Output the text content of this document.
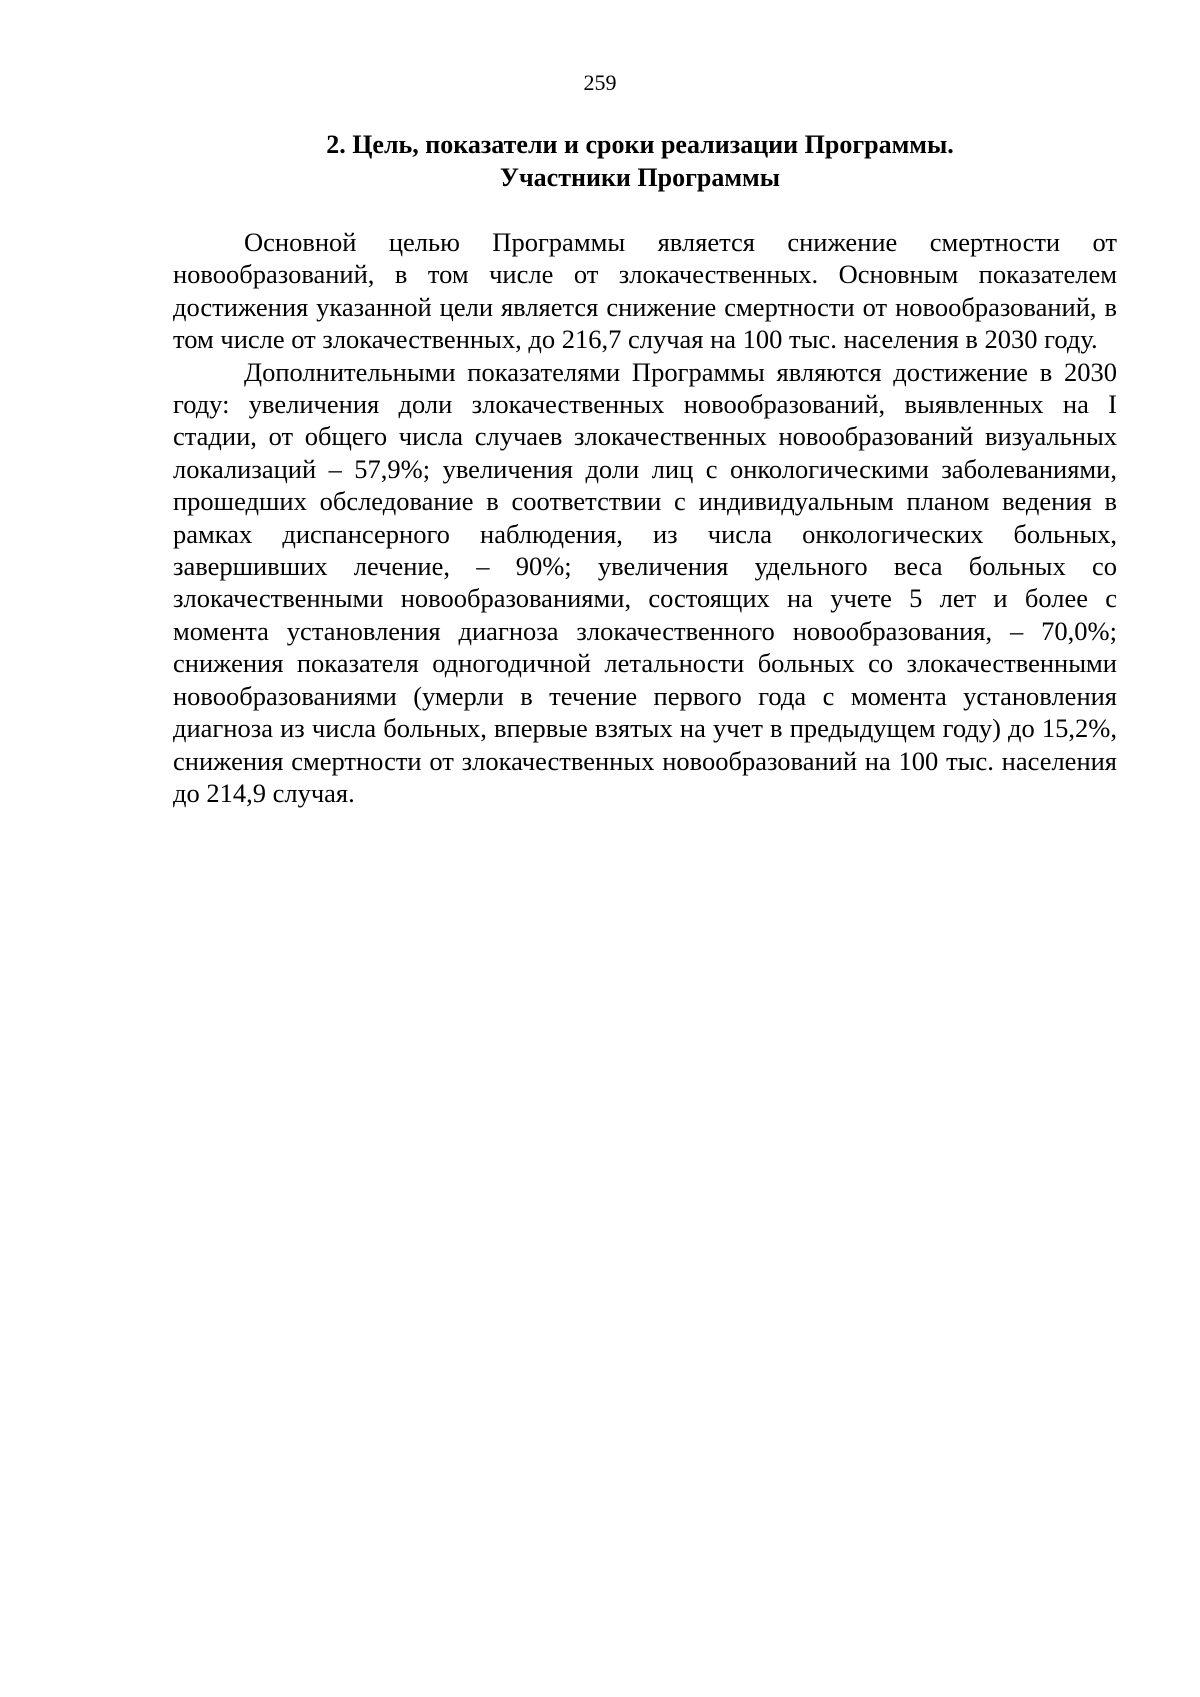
259
2. Цель, показатели и сроки реализации Программы.
Участники Программы

Основной целью Программы является снижение смертности от новообразований, в том числе от злокачественных. Основным показателем достижения указанной цели является снижение смертности от новообразований, в том числе от злокачественных, до 216,7 случая на 100 тыс. населения в 2030 году.

Дополнительными показателями Программы являются достижение в 2030 году: увеличения доли злокачественных новообразований, выявленных на I стадии, от общего числа случаев злокачественных новообразований визуальных локализаций – 57,9%; увеличения доли лиц с онкологическими заболеваниями, прошедших обследование в соответствии с индивидуальным планом ведения в рамках диспансерного наблюдения, из числа онкологических больных, завершивших лечение, – 90%; увеличения удельного веса больных со злокачественными новообразованиями, состоящих на учете 5 лет и более с момента установления диагноза злокачественного новообразования, – 70,0%; снижения показателя одногодичной летальности больных со злокачественными новообразованиями (умерли в течение первого года с момента установления диагноза из числа больных, впервые взятых на учет в предыдущем году) до 15,2%, снижения смертности от злокачественных новообразований на 100 тыс. населения до 214,9 случая.
